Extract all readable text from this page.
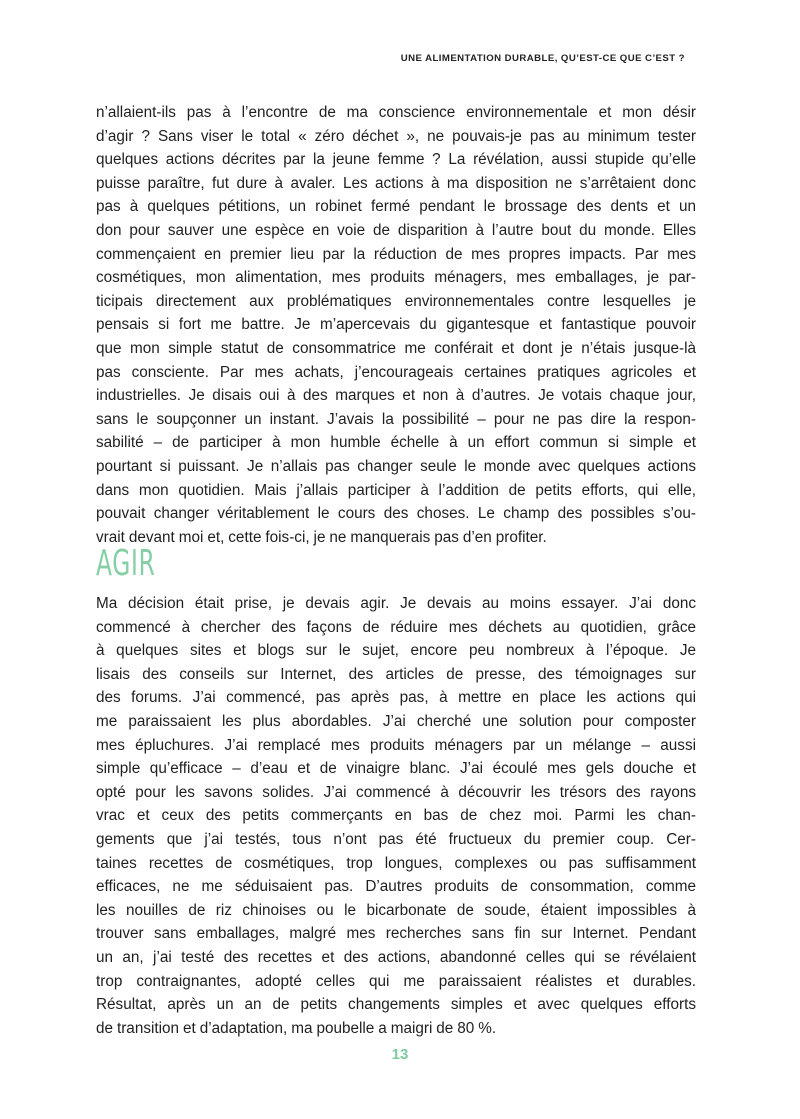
UNE ALIMENTATION DURABLE, QU’EST-CE QUE C’EST ?
n’allaient-ils pas à l’encontre de ma conscience environnementale et mon désir
d’agir ? Sans viser le total « zéro déchet », ne pouvais-je pas au minimum tester
quelques actions décrites par la jeune femme ? La révélation, aussi stupide qu’elle
puisse paraître, fut dure à avaler. Les actions à ma disposition ne s’arrêtaient donc
pas à quelques pétitions, un robinet fermé pendant le brossage des dents et un
don pour sauver une espèce en voie de disparition à l’autre bout du monde. Elles
commençaient en premier lieu par la réduction de mes propres impacts. Par mes
cosmétiques, mon alimentation, mes produits ménagers, mes emballages, je par-
ticipais directement aux problématiques environnementales contre lesquelles je
pensais si fort me battre. Je m’apercevais du gigantesque et fantastique pouvoir
que mon simple statut de consommatrice me conférait et dont je n’étais jusque-là
pas consciente. Par mes achats, j’encourageais certaines pratiques agricoles et
industrielles. Je disais oui à des marques et non à d’autres. Je votais chaque jour,
sans le soupçonner un instant. J’avais la possibilité – pour ne pas dire la respon-
sabilité – de participer à mon humble échelle à un effort commun si simple et
pourtant si puissant. Je n’allais pas changer seule le monde avec quelques actions
dans mon quotidien. Mais j’allais participer à l’addition de petits efforts, qui elle,
pouvait changer véritablement le cours des choses. Le champ des possibles s’ou-
vrait devant moi et, cette fois-ci, je ne manquerais pas d’en profiter.
AGIR
Ma décision était prise, je devais agir. Je devais au moins essayer. J’ai donc
commencé à chercher des façons de réduire mes déchets au quotidien, grâce
à quelques sites et blogs sur le sujet, encore peu nombreux à l’époque. Je
lisais des conseils sur Internet, des articles de presse, des témoignages sur
des forums. J’ai commencé, pas après pas, à mettre en place les actions qui
me paraissaient les plus abordables. J’ai cherché une solution pour composter
mes épluchures. J’ai remplacé mes produits ménagers par un mélange – aussi
simple qu’efficace – d’eau et de vinaigre blanc. J’ai écoulé mes gels douche et
opté pour les savons solides. J’ai commencé à découvrir les trésors des rayons
vrac et ceux des petits commerçants en bas de chez moi. Parmi les chan-
gements que j’ai testés, tous n’ont pas été fructueux du premier coup. Cer-
taines recettes de cosmétiques, trop longues, complexes ou pas suffisamment
efficaces, ne me séduisaient pas. D’autres produits de consommation, comme
les nouilles de riz chinoises ou le bicarbonate de soude, étaient impossibles à
trouver sans emballages, malgré mes recherches sans fin sur Internet. Pendant
un an, j’ai testé des recettes et des actions, abandonné celles qui se révélaient
trop contraignantes, adopté celles qui me paraissaient réalistes et durables.
Résultat, après un an de petits changements simples et avec quelques efforts
de transition et d’adaptation, ma poubelle a maigri de 80 %.
13
